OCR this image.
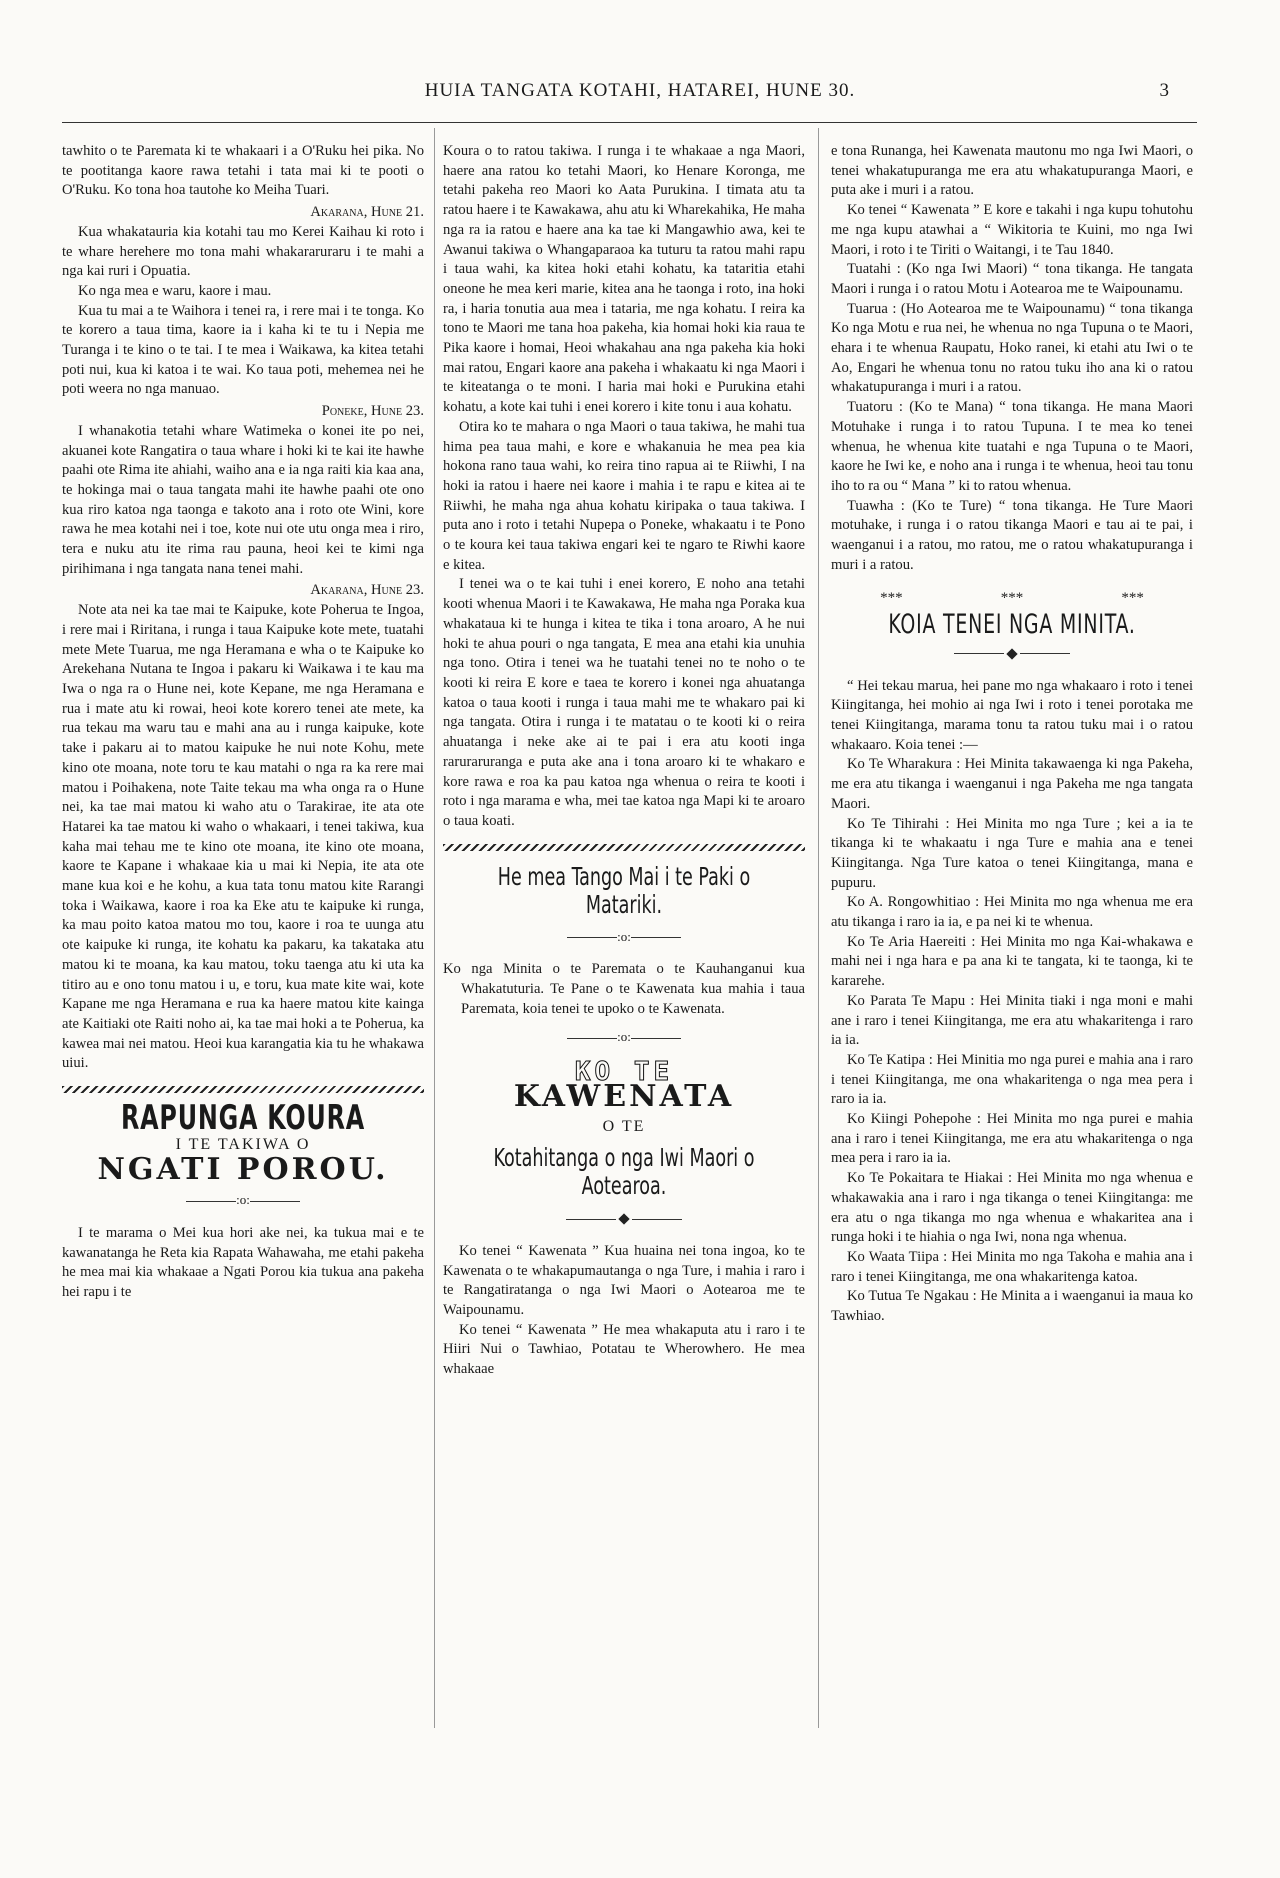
HUIA TANGATA KOTAHI, HATAREI, HUNE 30.	3

tawhito o te Paremata ki te whakaari i a O'Ruku hei pika. No te pootitanga kaore rawa tetahi i tata mai ki te pooti o O'Ruku. Ko tona hoa tautohe ko Meiha Tuari.

Akarana, Hune 21.

Kua whakatauria kia kotahi tau mo Kerei Kaihau ki roto i te whare herehere mo tona mahi whakararuraru i te mahi a nga kai ruri i Opuatia.

Ko nga mea e waru, kaore i mau.

Kua tu mai a te Waihora i tenei ra, i rere mai i te tonga. Ko te korero a taua tima, kaore ia i kaha ki te tu i Nepia me Turanga i te kino o te tai. I te mea i Waikawa, ka kitea tetahi poti nui, kua ki katoa i te wai. Ko taua poti, mehemea nei he poti weera no nga manuao.

Poneke, Hune 23.

I whanakotia tetahi whare Watimeka o konei ite po nei, akuanei kote Rangatira o taua whare i hoki ki te kai ite hawhe paahi ote Rima ite ahiahi, waiho ana e ia nga raiti kia kaa ana, te hokinga mai o taua tangata mahi ite hawhe paahi ote ono kua riro katoa nga taonga e takoto ana i roto ote Wini, kore rawa he mea kotahi nei i toe, kote nui ote utu onga mea i riro, tera e nuku atu ite rima rau pauna, heoi kei te kimi nga pirihimana i nga tangata nana tenei mahi.

Akarana, Hune 23.

Note ata nei ka tae mai te Kaipuke, kote Poherua te Ingoa, i rere mai i Riritana, i runga i taua Kaipuke kote mete, tuatahi mete Mete Tuarua, me nga Heramana e wha o te Kaipuke ko Arekehana Nutana te Ingoa i pakaru ki Waikawa i te kau ma Iwa o nga ra o Hune nei, kote Kepane, me nga Heramana e rua i mate atu ki rowai, heoi kote korero tenei ate mete, ka rua tekau ma waru tau e mahi ana au i runga kaipuke, kote take i pakaru ai to matou kaipuke he nui note Kohu, mete kino ote moana, note toru te kau matahi o nga ra ka rere mai matou i Poihakena, note Taite tekau ma wha onga ra o Hune nei, ka tae mai matou ki waho atu o Tarakirae, ite ata ote Hatarei ka tae matou ki waho o whakaari, i tenei takiwa, kua kaha mai tehau me te kino ote moana, ite kino ote moana, kaore te Kapane i whakaae kia u mai ki Nepia, ite ata ote mane kua koi e he kohu, a kua tata tonu matou kite Rarangi toka i Waikawa, kaore i roa ka Eke atu te kaipuke ki runga, ka mau poito katoa matou mo tou, kaore i roa te uunga atu ote kaipuke ki runga, ite kohatu ka pakaru, ka takataka atu matou ki te moana, ka kau matou, toku taenga atu ki uta ka titiro au e ono tonu matou i u, e toru, kua mate kite wai, kote Kapane me nga Heramana e rua ka haere matou kite kainga ate Kaitiaki ote Raiti noho ai, ka tae mai hoki a te Poherua, ka kawea mai nei matou. Heoi kua karangatia kia tu he whakawa uiui.

RAPUNGA KOURA
I TE TAKIWA O
NGATI POROU.
:o:

I te marama o Mei kua hori ake nei, ka tukua mai e te kawanatanga he Reta kia Rapata Wahawaha, me etahi pakeha he mea mai kia whakaae a Ngati Porou kia tukua ana pakeha hei rapu i te

Koura o to ratou takiwa. I runga i te whakaae a nga Maori, haere ana ratou ko tetahi Maori, ko Henare Koronga, me tetahi pakeha reo Maori ko Aata Purukina. I timata atu ta ratou haere i te Kawakawa, ahu atu ki Wharekahika, He maha nga ra ia ratou e haere ana ka tae ki Mangawhio awa, kei te Awanui takiwa o Whangaparaoa ka tuturu ta ratou mahi rapu i taua wahi, ka kitea hoki etahi kohatu, ka tataritia etahi oneone he mea keri marie, kitea ana he taonga i roto, ina hoki ra, i haria tonutia aua mea i tataria, me nga kohatu. I reira ka tono te Maori me tana hoa pakeha, kia homai hoki kia raua te Pika kaore i homai, Heoi whakahau ana nga pakeha kia hoki mai ratou, Engari kaore ana pakeha i whakaatu ki nga Maori i te kiteatanga o te moni. I haria mai hoki e Purukina etahi kohatu, a kote kai tuhi i enei korero i kite tonu i aua kohatu.

Otira ko te mahara o nga Maori o taua takiwa, he mahi tua hima pea taua mahi, e kore e whakanuia he mea pea kia hokona rano taua wahi, ko reira tino rapua ai te Riiwhi, I na hoki ia ratou i haere nei kaore i mahia i te rapu e kitea ai te Riiwhi, he maha nga ahua kohatu kiripaka o taua takiwa. I puta ano i roto i tetahi Nupepa o Poneke, whakaatu i te Pono o te koura kei taua takiwa engari kei te ngaro te Riwhi kaore e kitea.

I tenei wa o te kai tuhi i enei korero, E noho ana tetahi kooti whenua Maori i te Kawakawa, He maha nga Poraka kua whakataua ki te hunga i kitea te tika i tona aroaro, A he nui hoki te ahua pouri o nga tangata, E mea ana etahi kia unuhia nga tono. Otira i tenei wa he tuatahi tenei no te noho o te kooti ki reira E kore e taea te korero i konei nga ahuatanga katoa o taua kooti i runga i taua mahi me te whakaro pai ki nga tangata. Otira i runga i te matatau o te kooti ki o reira ahuatanga i neke ake ai te pai i era atu kooti inga raruraruranga e puta ake ana i tona aroaro ki te whakaro e kore rawa e roa ka pau katoa nga whenua o reira te kooti i roto i nga marama e wha, mei tae katoa nga Mapi ki te aroaro o taua koati.

He mea Tango Mai i te Paki o Matariki.
:o:

Ko nga Minita o te Paremata o te Kauhanganui kua Whakatuturia. Te Pane o te Kawenata kua mahia i taua Paremata, koia tenei te upoko o te Kawenata.

:o:
KO TE
KAWENATA
O TE
Kotahitanga o nga Iwi Maori o Aotearoa.

Ko tenei “ Kawenata ” Kua huaina nei tona ingoa, ko te Kawenata o te whakapumautanga o nga Ture, i mahia i raro i te Rangatiratanga o nga Iwi Maori o Aotearoa me te Waipounamu.

Ko tenei “ Kawenata ” He mea whakaputa atu i raro i te Hiiri Nui o Tawhiao, Potatau te Wherowhero. He mea whakaae

e tona Runanga, hei Kawenata mautonu mo nga Iwi Maori, o tenei whakatupuranga me era atu whakatupuranga Maori, e puta ake i muri i a ratou.

Ko tenei “ Kawenata ” E kore e takahi i nga kupu tohutohu me nga kupu atawhai a “ Wikitoria te Kuini, mo nga Iwi Maori, i roto i te Tiriti o Waitangi, i te Tau 1840.

Tuatahi : (Ko nga Iwi Maori) “ tona tikanga. He tangata Maori i runga i o ratou Motu i Aotearoa me te Waipounamu.

Tuarua : (Ho Aotearoa me te Waipounamu) “ tona tikanga Ko nga Motu e rua nei, he whenua no nga Tupuna o te Maori, ehara i te whenua Raupatu, Hoko ranei, ki etahi atu Iwi o te Ao, Engari he whenua tonu no ratou tuku iho ana ki o ratou whakatupuranga i muri i a ratou.

Tuatoru : (Ko te Mana) “ tona tikanga. He mana Maori Motuhake i runga i to ratou Tupuna. I te mea ko tenei whenua, he whenua kite tuatahi e nga Tupuna o te Maori, kaore he Iwi ke, e noho ana i runga i te whenua, heoi tau tonu iho to ra ou “ Mana ” ki to ratou whenua.

Tuawha : (Ko te Ture) “ tona tikanga. He Ture Maori motuhake, i runga i o ratou tikanga Maori e tau ai te pai, i waenganui i a ratou, mo ratou, me o ratou whakatupuranga i muri i a ratou.

***	***	***
KOIA TENEI NGA MINITA.

“ Hei tekau marua, hei pane mo nga whakaaro i roto i tenei Kiingitanga, hei mohio ai nga Iwi i roto i tenei porotaka me tenei Kiingitanga, marama tonu ta ratou tuku mai i o ratou whakaaro. Koia tenei :—

Ko Te Wharakura : Hei Minita takawaenga ki nga Pakeha, me era atu tikanga i waenganui i nga Pakeha me nga tangata Maori.

Ko Te Tihirahi : Hei Minita mo nga Ture ; kei a ia te tikanga ki te whakaatu i nga Ture e mahia ana e tenei Kiingitanga. Nga Ture katoa o tenei Kiingitanga, mana e pupuru.

Ko A. Rongowhitiao : Hei Minita mo nga whenua me era atu tikanga i raro ia ia, e pa nei ki te whenua.

Ko Te Aria Haereiti : Hei Minita mo nga Kai-whakawa e mahi nei i nga hara e pa ana ki te tangata, ki te taonga, ki te kararehe.

Ko Parata Te Mapu : Hei Minita tiaki i nga moni e mahi ane i raro i tenei Kiingitanga, me era atu whakaritenga i raro ia ia.

Ko Te Katipa : Hei Minitia mo nga purei e mahia ana i raro i tenei Kiingitanga, me ona whakaritenga o nga mea pera i raro ia ia.

Ko Kiingi Pohepohe : Hei Minita mo nga purei e mahia ana i raro i tenei Kiingitanga, me era atu whakaritenga o nga mea pera i raro ia ia.

Ko Te Pokaitara te Hiakai : Hei Minita mo nga whenua e whakawakia ana i raro i nga tikanga o tenei Kiingitanga: me era atu o nga tikanga mo nga whenua e whakaritea ana i runga hoki i te hiahia o nga Iwi, nona nga whenua.

Ko Waata Tiipa : Hei Minita mo nga Takoha e mahia ana i raro i tenei Kiingitanga, me ona whakaritenga katoa.

Ko Tutua Te Ngakau : He Minita a i waenganui ia maua ko Tawhiao.
